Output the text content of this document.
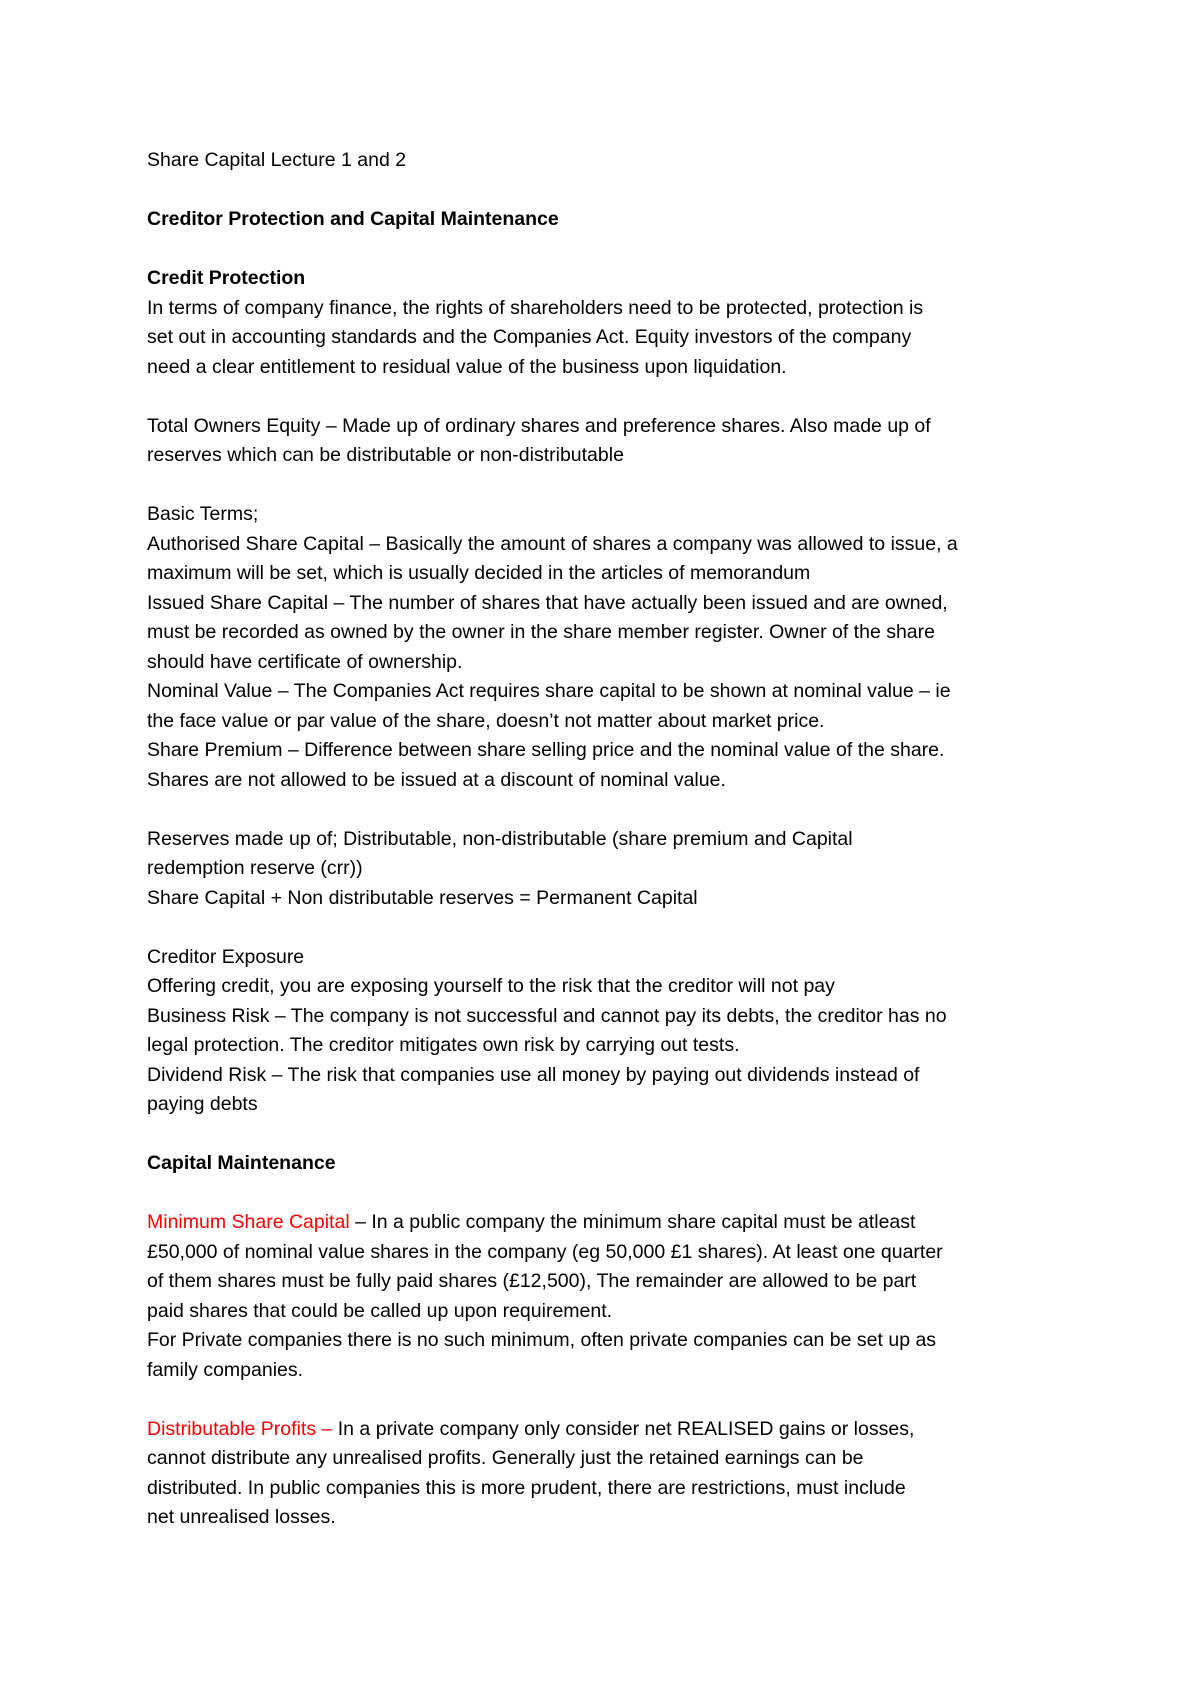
Share Capital Lecture 1 and 2

Creditor Protection and Capital Maintenance

Credit Protection

In terms of company finance, the rights of shareholders need to be protected, protection is

set out in accounting standards and the Companies Act. Equity investors of the company

need a clear entitlement to residual value of the business upon liquidation.

Total Owners Equity – Made up of ordinary shares and preference shares. Also made up of

reserves which can be distributable or non-distributable

Basic Terms;

Authorised Share Capital – Basically the amount of shares a company was allowed to issue, a

maximum will be set, which is usually decided in the articles of memorandum

Issued Share Capital – The number of shares that have actually been issued and are owned,

must be recorded as owned by the owner in the share member register. Owner of the share

should have certificate of ownership.

Nominal Value – The Companies Act requires share capital to be shown at nominal value – ie

the face value or par value of the share, doesn’t not matter about market price.

Share Premium – Difference between share selling price and the nominal value of the share.

Shares are not allowed to be issued at a discount of nominal value.

Reserves made up of; Distributable, non-distributable (share premium and Capital

redemption reserve (crr))

Share Capital + Non distributable reserves = Permanent Capital

Creditor Exposure

Offering credit, you are exposing yourself to the risk that the creditor will not pay

Business Risk – The company is not successful and cannot pay its debts, the creditor has no

legal protection. The creditor mitigates own risk by carrying out tests.

Dividend Risk – The risk that companies use all money by paying out dividends instead of

paying debts

Capital Maintenance

Minimum Share Capital – In a public company the minimum share capital must be atleast

£50,000 of nominal value shares in the company (eg 50,000 £1 shares). At least one quarter

of them shares must be fully paid shares (£12,500), The remainder are allowed to be part

paid shares that could be called up upon requirement.

For Private companies there is no such minimum, often private companies can be set up as

family companies.

Distributable Profits – In a private company only consider net REALISED gains or losses,

cannot distribute any unrealised profits. Generally just the retained earnings can be

distributed. In public companies this is more prudent, there are restrictions, must include

net unrealised losses.
